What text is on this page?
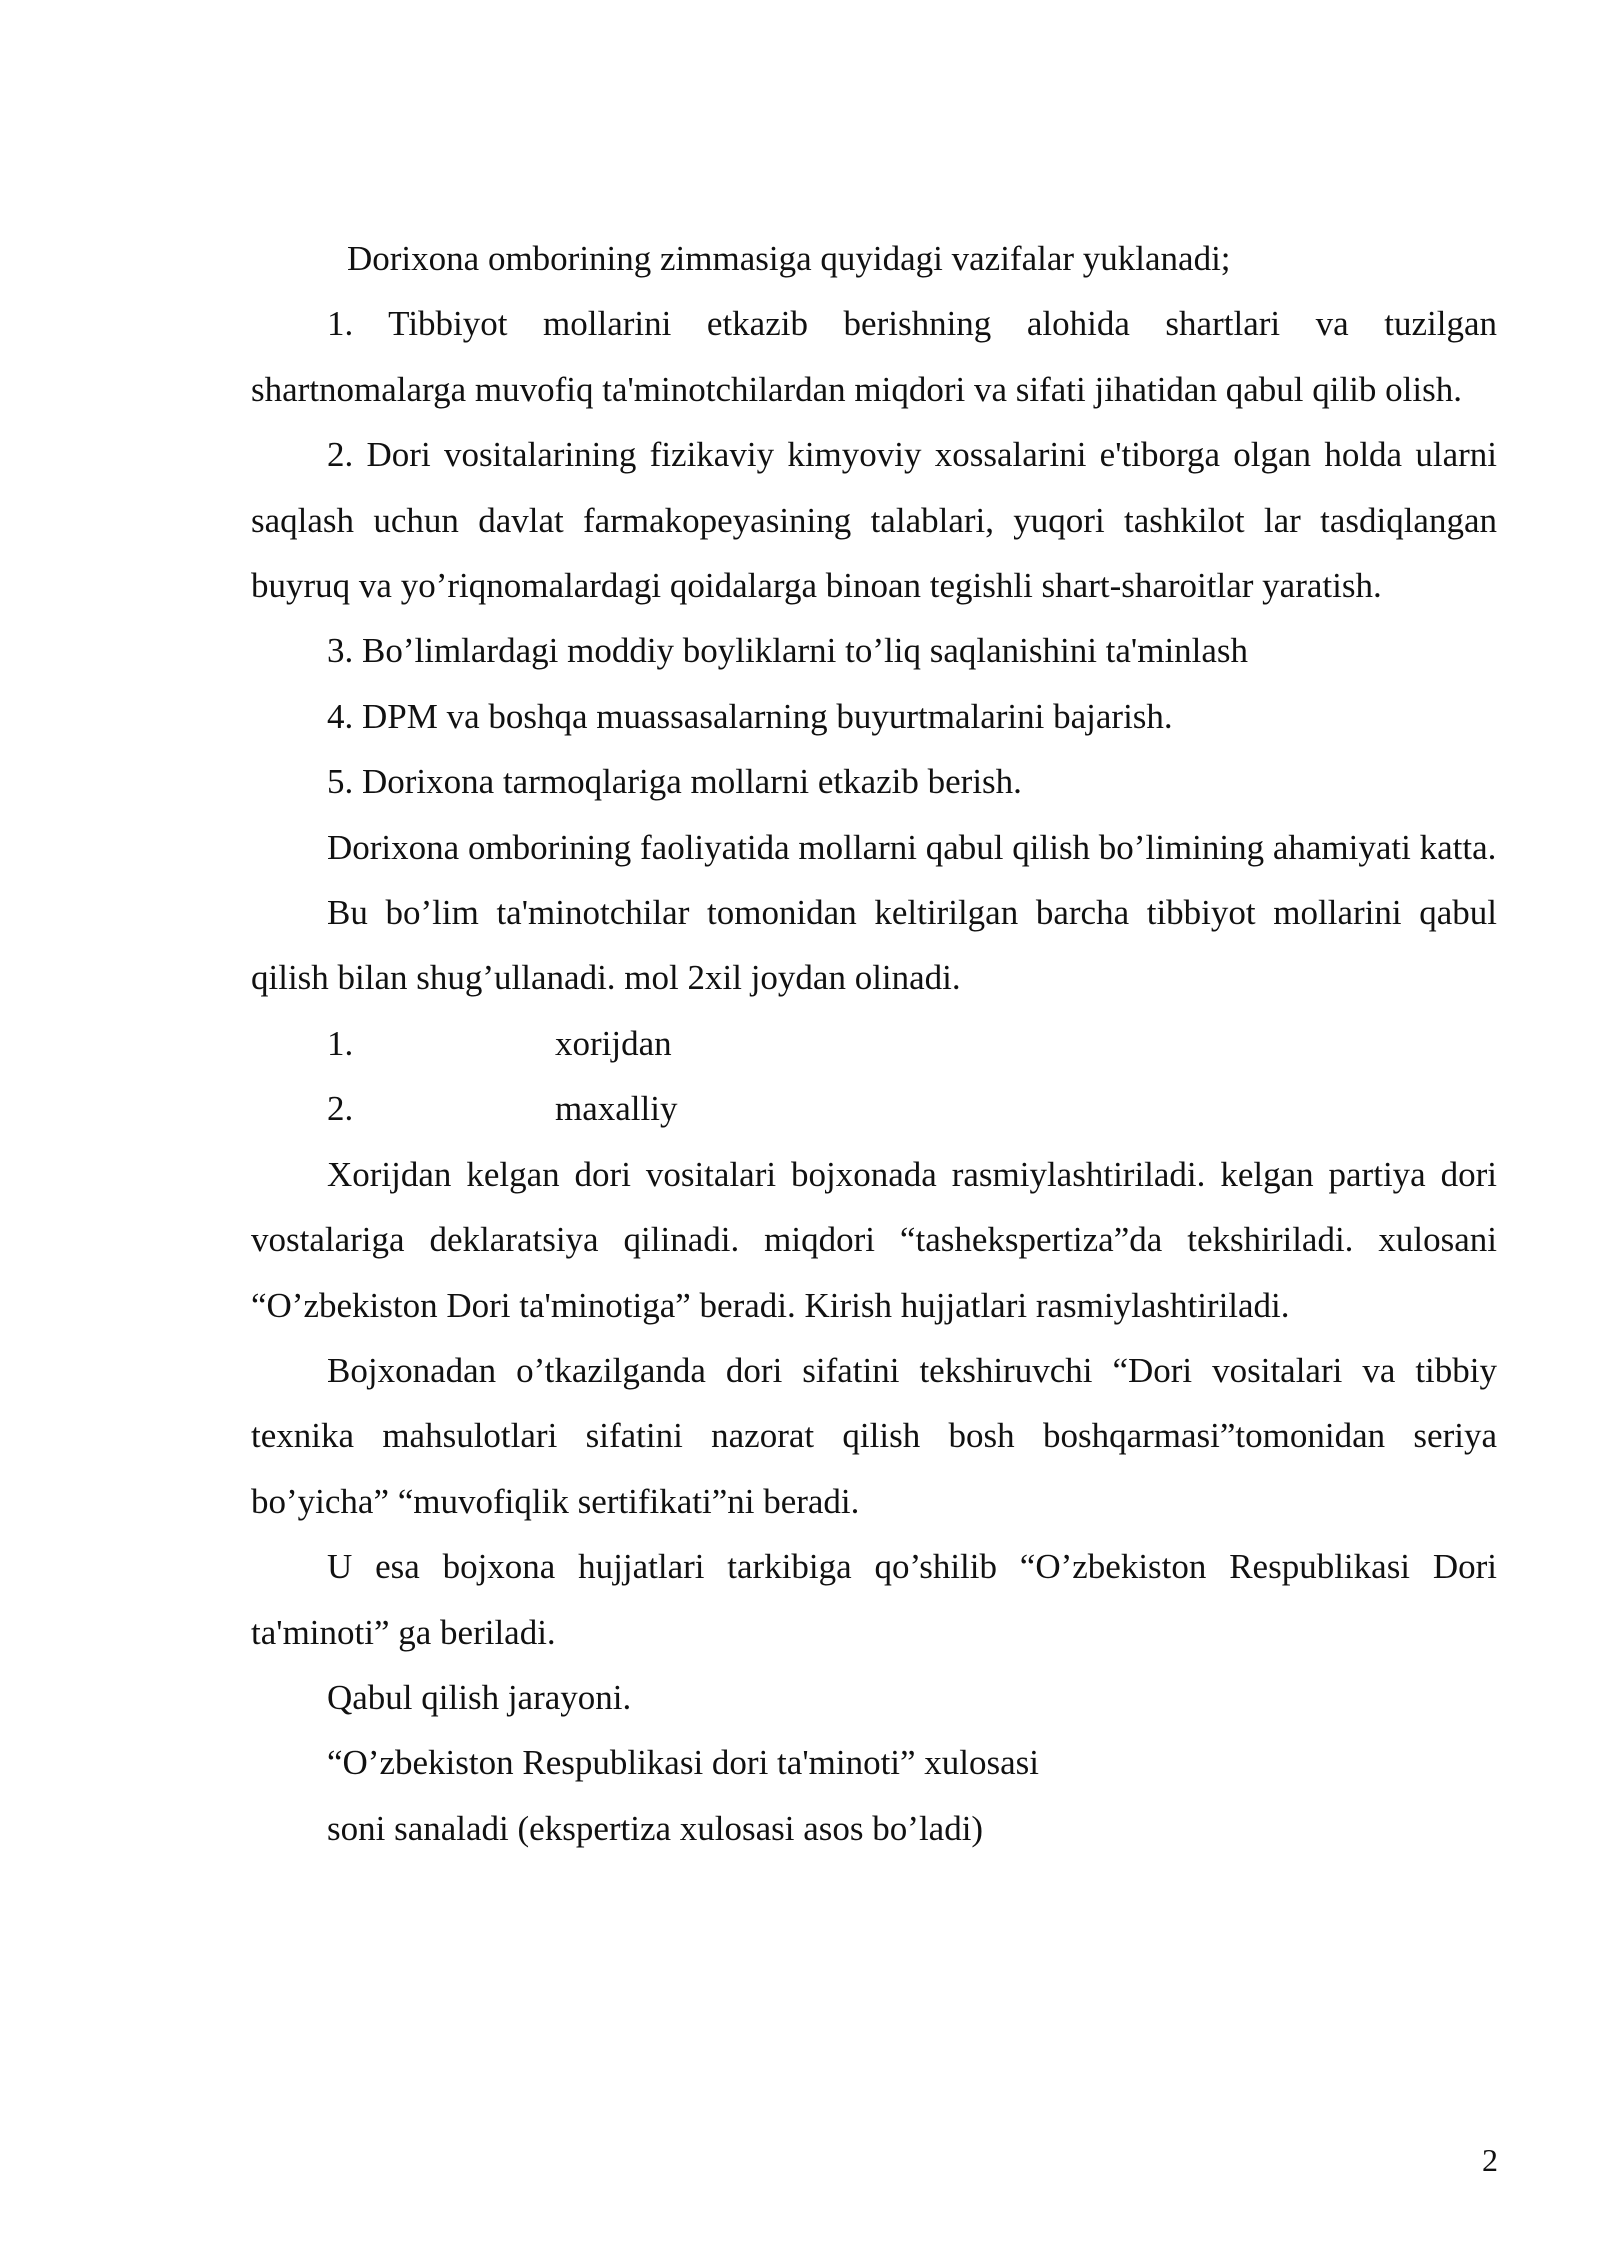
Dorixona omborining zimmasiga quyidagi vazifalar yuklanadi;

1. Tibbiyot mollarini etkazib berishning alohida shartlari va tuzilgan shartnomalarga muvofiq ta'minotchilardan miqdori va sifati jihatidan qabul qilib olish.

2. Dori vositalarining fizikaviy kimyoviy xossalarini e'tiborga olgan holda ularni saqlash uchun davlat farmakopeyasining talablari, yuqori tashkilot lar tasdiqlangan buyruq va yo’riqnomalardagi qoidalarga binoan tegishli shart-sharoitlar yaratish.

3. Bo’limlardagi moddiy boyliklarni to’liq saqlanishini ta'minlash

4. DPM va boshqa muassasalarning buyurtmalarini bajarish.

5. Dorixona tarmoqlariga mollarni etkazib berish.

Dorixona omborining faoliyatida mollarni qabul qilish bo’limining ahamiyati katta.

Bu bo’lim ta'minotchilar tomonidan keltirilgan barcha tibbiyot mollarini qabul qilish bilan shug’ullanadi. mol 2xil joydan olinadi.

1.	xorijdan
2.	maxalliy

Xorijdan kelgan dori vositalari bojxonada rasmiylashtiriladi. kelgan partiya dori vostalariga deklaratsiya qilinadi. miqdori “tashekspertiza”da tekshiriladi. xulosani “O’zbekiston Dori ta'minotiga” beradi. Kirish hujjatlari rasmiylashtiriladi.

Bojxonadan o’tkazilganda dori sifatini tekshiruvchi “Dori vositalari va tibbiy texnika mahsulotlari sifatini nazorat qilish bosh boshqarmasi”tomonidan seriya bo’yicha” “muvofiqlik sertifikati”ni beradi.

U esa bojxona hujjatlari tarkibiga qo’shilib “O’zbekiston Respublikasi Dori ta'minoti” ga beriladi.

Qabul qilish jarayoni.

“O’zbekiston Respublikasi dori ta'minoti” xulosasi

soni sanaladi (ekspertiza xulosasi asos bo’ladi)

2
